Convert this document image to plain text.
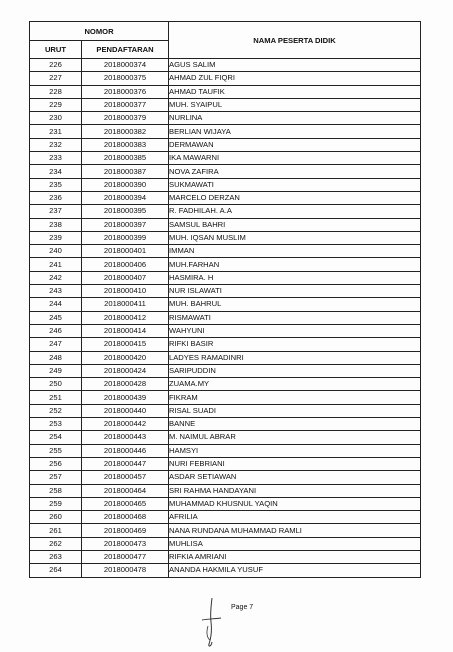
NOMOR		NAMA PESERTA DIDIK
URUT	PENDAFTARAN	
226	2018000374	AGUS SALIM
227	2018000375	AHMAD ZUL FIQRI
228	2018000376	AHMAD TAUFIK
229	2018000377	MUH. SYAIPUL
230	2018000379	NURLINA
231	2018000382	BERLIAN WIJAYA
232	2018000383	DERMAWAN
233	2018000385	IKA MAWARNI
234	2018000387	NOVA ZAFIRA
235	2018000390	SUKMAWATI
236	2018000394	MARCELO DERZAN
237	2018000395	R. FADHILAH. A.A
238	2018000397	SAMSUL BAHRI
239	2018000399	MUH. IQSAN MUSLIM
240	2018000401	IMMAN
241	2018000406	MUH.FARHAN
242	2018000407	HASMIRA. H
243	2018000410	NUR ISLAWATI
244	2018000411	MUH. BAHRUL
245	2018000412	RISMAWATI
246	2018000414	WAHYUNI
247	2018000415	RIFKI BASIR
248	2018000420	LADYES RAMADINRI
249	2018000424	SARIPUDDIN
250	2018000428	ZUAMA.MY
251	2018000439	FIKRAM
252	2018000440	RISAL SUADI
253	2018000442	BANNE
254	2018000443	M. NAIMUL ABRAR
255	2018000446	HAMSYI
256	2018000447	NURI FEBRIANI
257	2018000457	ASDAR SETIAWAN
258	2018000464	SRI RAHMA HANDAYANI
259	2018000465	MUHAMMAD KHUSNUL YAQIN
260	2018000468	AFRILIA
261	2018000469	NANA RUNDANA MUHAMMAD RAMLI
262	2018000473	MUHLISA
263	2018000477	RIFKIA AMRIANI
264	2018000478	ANANDA HAKMILA YUSUF
Page 7
